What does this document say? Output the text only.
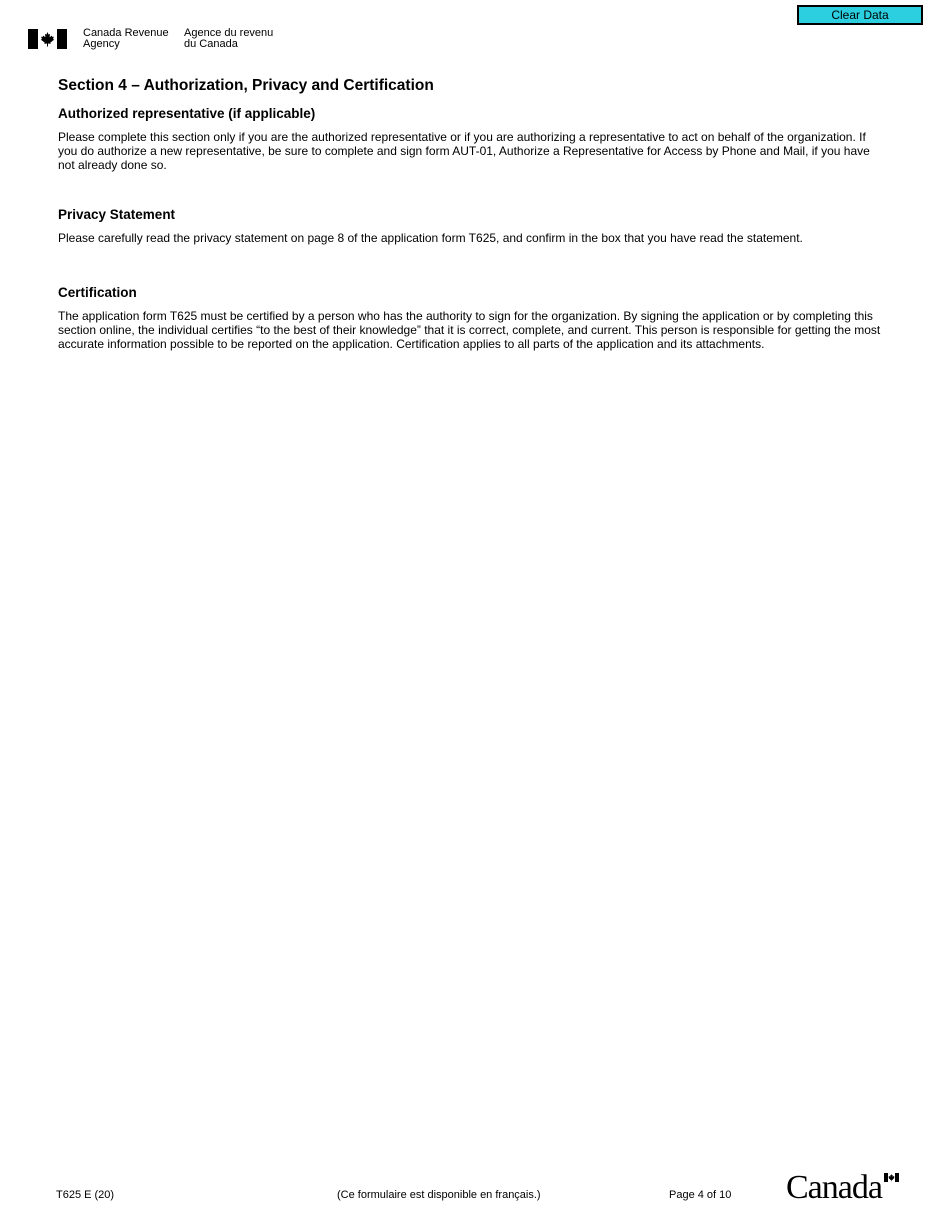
Clear Data
Canada Revenue
Agency
Agence du revenu
du Canada
Section 4 – Authorization, Privacy and Certification
Authorized representative (if applicable)

Please complete this section only if you are the authorized representative or if you are authorizing a representative to act on behalf of the organization. If you do authorize a new representative, be sure to complete and sign form AUT-01, Authorize a Representative for Access by Phone and Mail, if you have not already done so.

Privacy Statement

Please carefully read the privacy statement on page 8 of the application form T625, and confirm in the box that you have read the statement.

Certification

The application form T625 must be certified by a person who has the authority to sign for the organization. By signing the application or by completing this section online, the individual certifies “to the best of their knowledge” that it is correct, complete, and current. This person is responsible for getting the most accurate information possible to be reported on the application. Certification applies to all parts of the application and its attachments.

T625 E (20)	(Ce formulaire est disponible en français.)	Page 4 of 10 Canada
